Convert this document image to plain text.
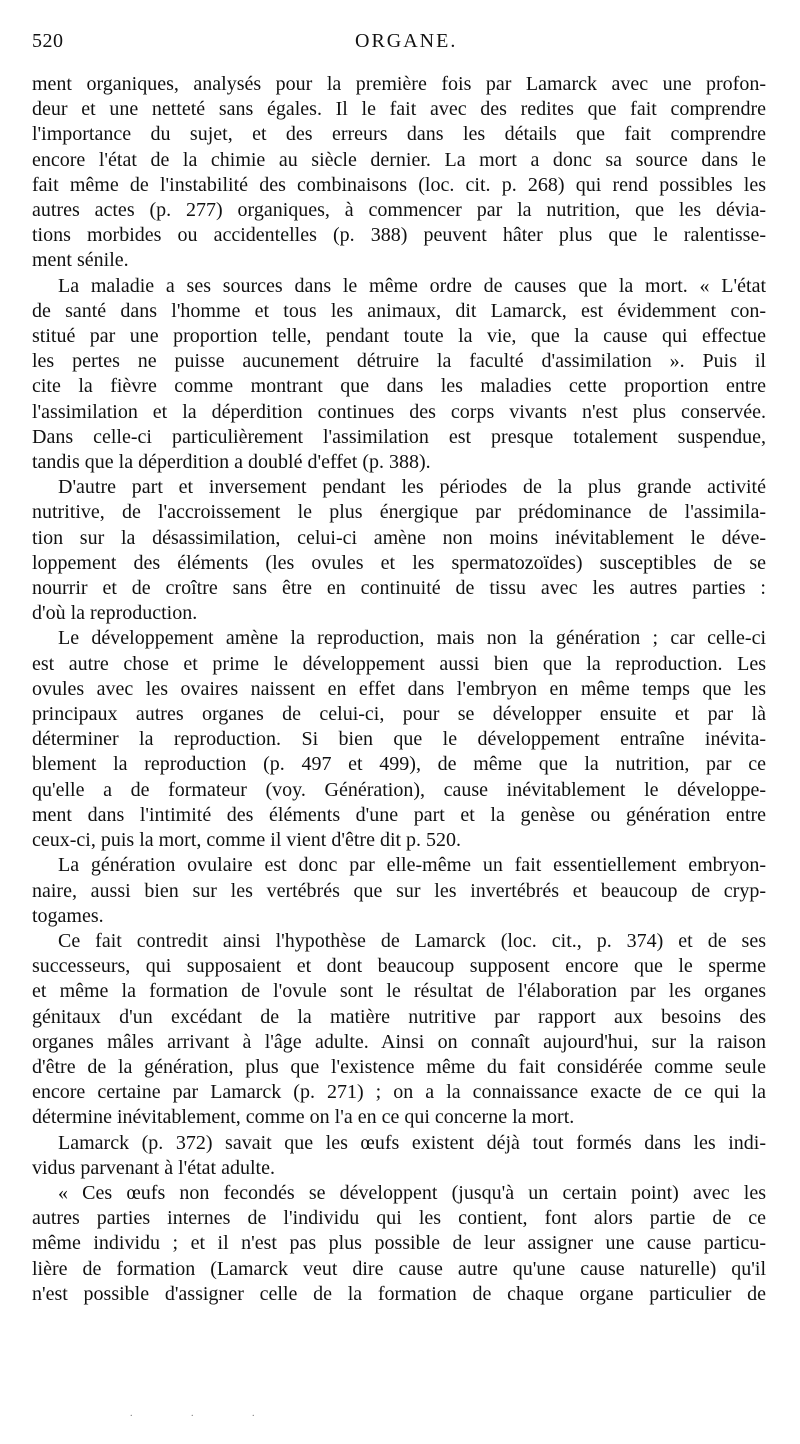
520	ORGANE.
ment organiques, analysés pour la première fois par Lamarck avec une profon-
deur et une netteté sans égales. Il le fait avec des redites que fait comprendre
l'importance du sujet, et des erreurs dans les détails que fait comprendre
encore l'état de la chimie au siècle dernier. La mort a donc sa source dans le
fait même de l'instabilité des combinaisons (loc. cit. p. 268) qui rend possibles les
autres actes (p. 277) organiques, à commencer par la nutrition, que les dévia-
tions morbides ou accidentelles (p. 388) peuvent hâter plus que le ralentisse-
ment sénile.
La maladie a ses sources dans le même ordre de causes que la mort. « L'état
de santé dans l'homme et tous les animaux, dit Lamarck, est évidemment con-
stitué par une proportion telle, pendant toute la vie, que la cause qui effectue
les pertes ne puisse aucunement détruire la faculté d'assimilation ». Puis il
cite la fièvre comme montrant que dans les maladies cette proportion entre
l'assimilation et la déperdition continues des corps vivants n'est plus conservée.
Dans celle-ci particulièrement l'assimilation est presque totalement suspendue,
tandis que la déperdition a doublé d'effet (p. 388).
D'autre part et inversement pendant les périodes de la plus grande activité
nutritive, de l'accroissement le plus énergique par prédominance de l'assimila-
tion sur la désassimilation, celui-ci amène non moins inévitablement le déve-
loppement des éléments (les ovules et les spermatozoïdes) susceptibles de se
nourrir et de croître sans être en continuité de tissu avec les autres parties :
d'où la reproduction.
Le développement amène la reproduction, mais non la génération ; car celle-ci
est autre chose et prime le développement aussi bien que la reproduction. Les
ovules avec les ovaires naissent en effet dans l'embryon en même temps que les
principaux autres organes de celui-ci, pour se développer ensuite et par là
déterminer la reproduction. Si bien que le développement entraîne inévita-
blement la reproduction (p. 497 et 499), de même que la nutrition, par ce
qu'elle a de formateur (voy. Génération), cause inévitablement le développe-
ment dans l'intimité des éléments d'une part et la genèse ou génération entre
ceux-ci, puis la mort, comme il vient d'être dit p. 520.
La génération ovulaire est donc par elle-même un fait essentiellement embryon-
naire, aussi bien sur les vertébrés que sur les invertébrés et beaucoup de cryp-
togames.
Ce fait contredit ainsi l'hypothèse de Lamarck (loc. cit., p. 374) et de ses
successeurs, qui supposaient et dont beaucoup supposent encore que le sperme
et même la formation de l'ovule sont le résultat de l'élaboration par les organes
génitaux d'un excédant de la matière nutritive par rapport aux besoins des
organes mâles arrivant à l'âge adulte. Ainsi on connaît aujourd'hui, sur la raison
d'être de la génération, plus que l'existence même du fait considérée comme seule
encore certaine par Lamarck (p. 271) ; on a la connaissance exacte de ce qui la
détermine inévitablement, comme on l'a en ce qui concerne la mort.
Lamarck (p. 372) savait que les œufs existent déjà tout formés dans les indi-
vidus parvenant à l'état adulte.
« Ces œufs non fecondés se développent (jusqu'à un certain point) avec les
autres parties internes de l'individu qui les contient, font alors partie de ce
même individu ; et il n'est pas plus possible de leur assigner une cause particu-
lière de formation (Lamarck veut dire cause autre qu'une cause naturelle) qu'il
n'est possible d'assigner celle de la formation de chaque organe particulier de
. . .
